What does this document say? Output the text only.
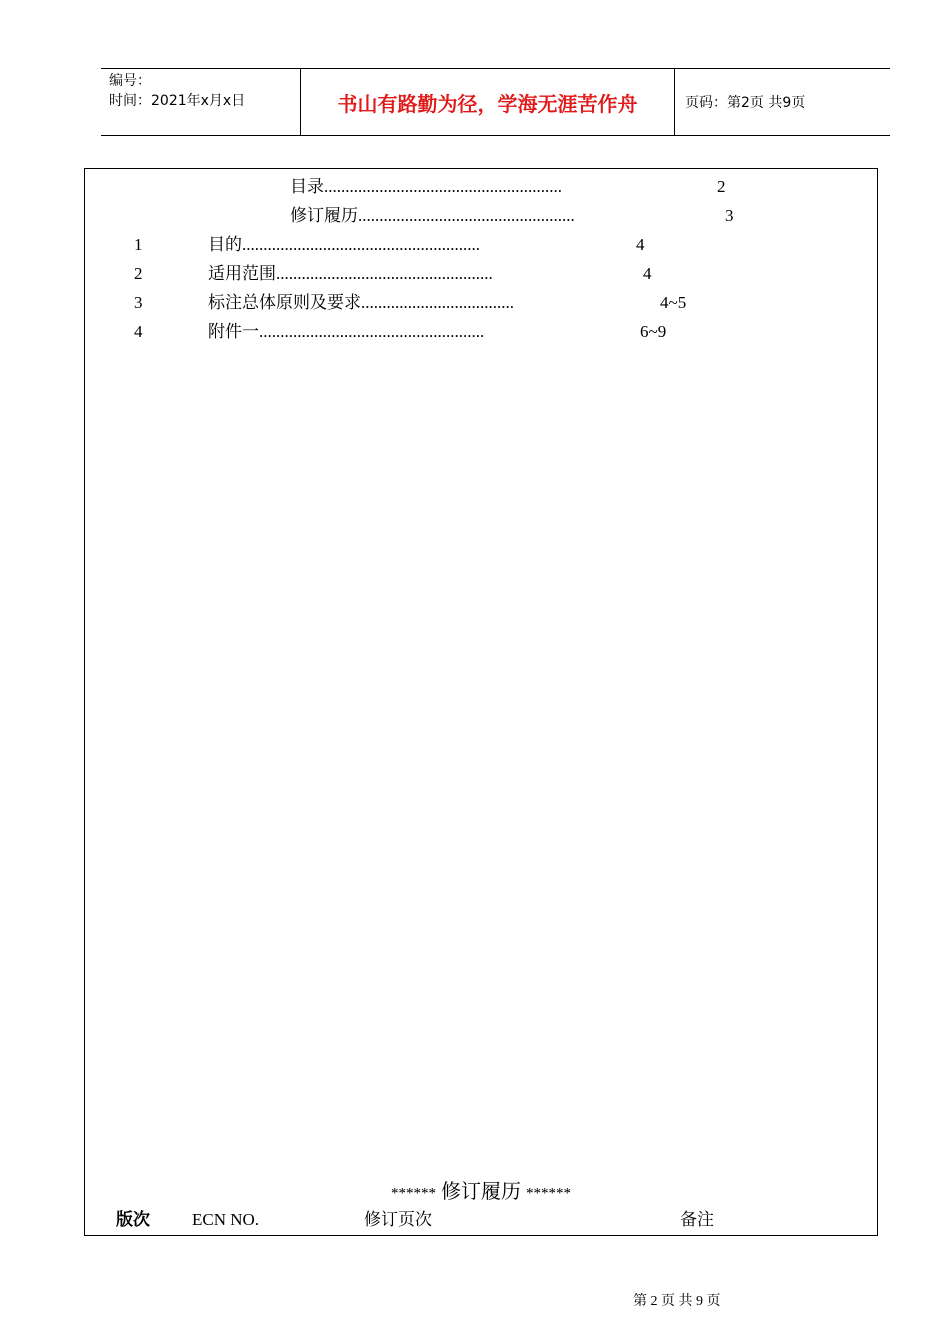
编号：
时间：2021年x月x日	书山有路勤为径，学海无涯苦作舟	页码：第2页 共9页
目录........................................................	2
修订履历...................................................	3
1	目的........................................................	4
2	适用范围...................................................	4
3	标注总体原则及要求....................................	4~5
4	附件一.....................................................	6~9
****** 修订履历 ******
版次 ECN NO.	修订页次	备注
第 2 页 共 9 页
